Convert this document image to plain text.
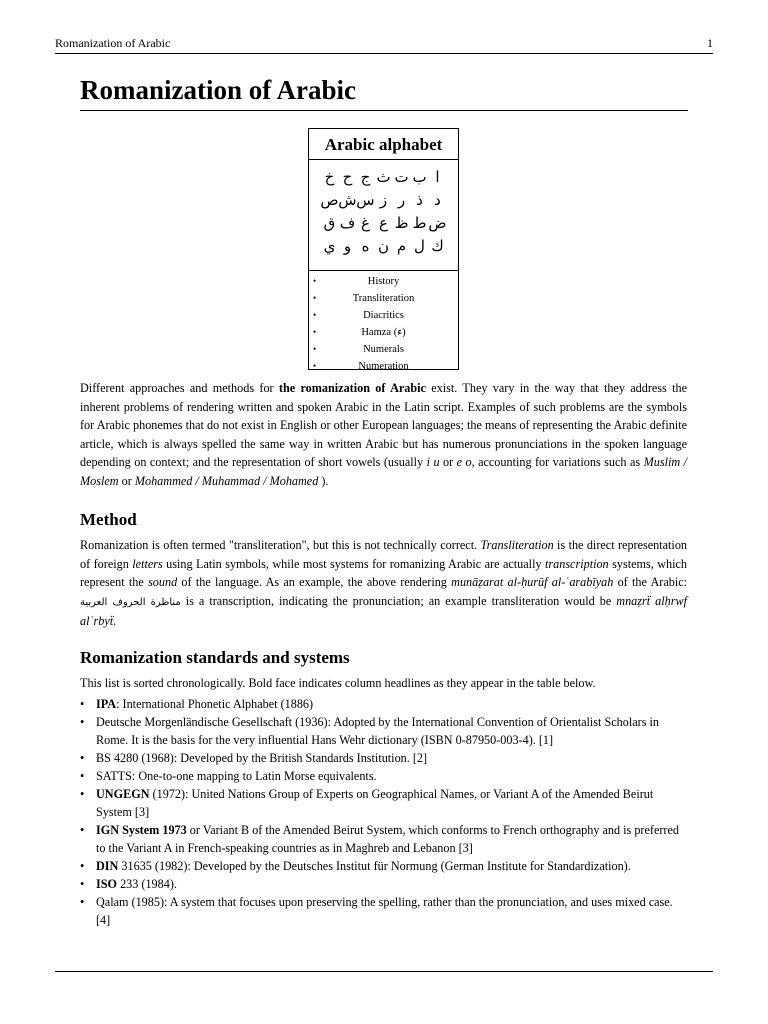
Romanization of Arabic	1
Romanization of Arabic
Arabic alphabet
ابتثجحخ
دذرزسشص
ضطظعغفق
كلمنهوي
•	History
•	Transliteration
•	Diacritics
•	Hamza (ء)
•	Numerals
•	Numeration

Different approaches and methods for the romanization of Arabic exist. They vary in the way that they address the inherent problems of rendering written and spoken Arabic in the Latin script. Examples of such problems are the symbols for Arabic phonemes that do not exist in English or other European languages; the means of representing the Arabic definite article, which is always spelled the same way in written Arabic but has numerous pronunciations in the spoken language depending on context; and the representation of short vowels (usually i u or e o, accounting for variations such as Muslim / Moslem or Mohammed / Muhammad / Mohamed ).

Method

Romanization is often termed "transliteration", but this is not technically correct. Transliteration is the direct representation of foreign letters using Latin symbols, while most systems for romanizing Arabic are actually transcription systems, which represent the sound of the language. As an example, the above rendering munāẓarat al-ḥurūf al-ʿarabīyah of the Arabic: مناظرة الحروف العربية is a transcription, indicating the pronunciation; an example transliteration would be mnaẓrẗ alḥrwf alʿrbyẗ.

Romanization standards and systems

This list is sorted chronologically. Bold face indicates column headlines as they appear in the table below.

• IPA: International Phonetic Alphabet (1886)
• Deutsche Morgenländische Gesellschaft (1936): Adopted by the International Convention of Orientalist Scholars in Rome. It is the basis for the very influential Hans Wehr dictionary (ISBN 0-87950-003-4). [1]
• BS 4280 (1968): Developed by the British Standards Institution. [2]
• SATTS: One-to-one mapping to Latin Morse equivalents.
• UNGEGN (1972): United Nations Group of Experts on Geographical Names, or Variant A of the Amended Beirut System [3]
• IGN System 1973 or Variant B of the Amended Beirut System, which conforms to French orthography and is preferred to the Variant A in French-speaking countries as in Maghreb and Lebanon [3]
• DIN 31635 (1982): Developed by the Deutsches Institut für Normung (German Institute for Standardization).
• ISO 233 (1984).
• Qalam (1985): A system that focuses upon preserving the spelling, rather than the pronunciation, and uses mixed case. [4]
